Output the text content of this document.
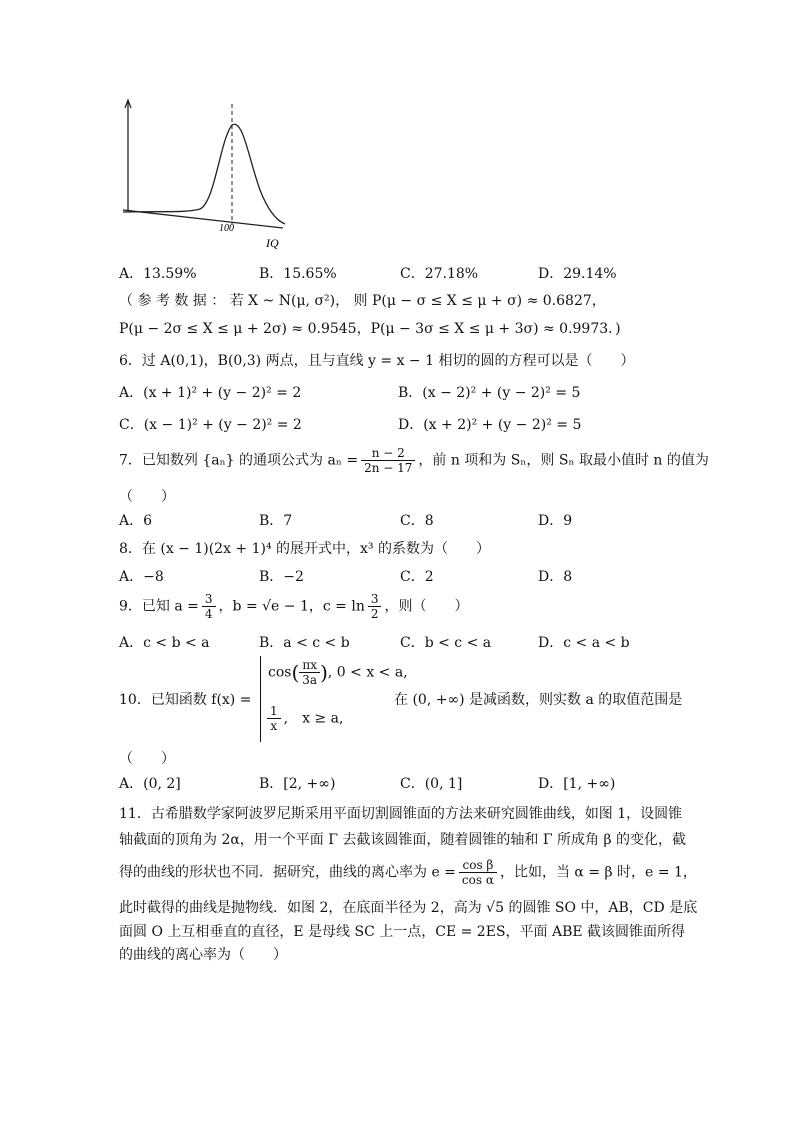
100
IQ
A．13.59%	B．15.65%	C．27.18%	D．29.14%
（ 参 考 数 据 ： 若 X ~ N(μ, σ²)， 则 P(μ − σ ≤ X ≤ μ + σ) ≈ 0.6827，
P(μ − 2σ ≤ X ≤ μ + 2σ) ≈ 0.9545，P(μ − 3σ ≤ X ≤ μ + 3σ) ≈ 0.9973．)
6．过 A(0,1)，B(0,3) 两点，且与直线 y = x − 1 相切的圆的方程可以是（　　）
A．(x + 1)² + (y − 2)² = 2	B．(x − 2)² + (y − 2)² = 5
C．(x − 1)² + (y − 2)² = 2	D．(x + 2)² + (y − 2)² = 5
7．已知数列 {aₙ} 的通项公式为 $a_n = \frac{n - 2}{2n - 17}$ ，前 n 项和为 Sₙ，则 Sₙ 取最小值时 n 的值为
（　　）
A．6	B．7	C．8	D．9
8．在 (x − 1)(2x + 1)⁴ 的展开式中，x³ 的系数为（　　）
A．−8	B．−2	C．2	D．8
9．已知 $a = \frac{3}{4}$ ，b = √e − 1，$c = \ln \frac{3}{2}$ ，则（　　）
A．c < b < a	B．a < c < b	C．b < c < a	D．c < a < b
10．已知函数 f(x) =
$\cos( \frac{\pi x}{3a}$ ), 0 < x < a,
$\frac{1}{x}$ ,　x ≥ a,
在 (0, +∞) 是减函数，则实数 a 的取值范围是
（　　）
A．(0, 2]	B．[2, +∞)	C．(0, 1]	D．[1, +∞)
11．古希腊数学家阿波罗尼斯采用平面切割圆锥面的方法来研究圆锥曲线，如图 1，设圆锥
轴截面的顶角为 2α，用一个平面 Γ 去截该圆锥面，随着圆锥的轴和 Γ 所成角 β 的变化，截
得的曲线的形状也不同．据研究，曲线的离心率为 $e = \frac{\text{cos β}}{\text{cos α}}$ ，比如，当 α = β 时，e = 1，
此时截得的曲线是抛物线．如图 2，在底面半径为 2，高为 √5 的圆锥 SO 中，AB，CD 是底
面圆 O 上互相垂直的直径，E 是母线 SC 上一点，CE = 2ES，平面 ABE 截该圆锥面所得
的曲线的离心率为（　　）
